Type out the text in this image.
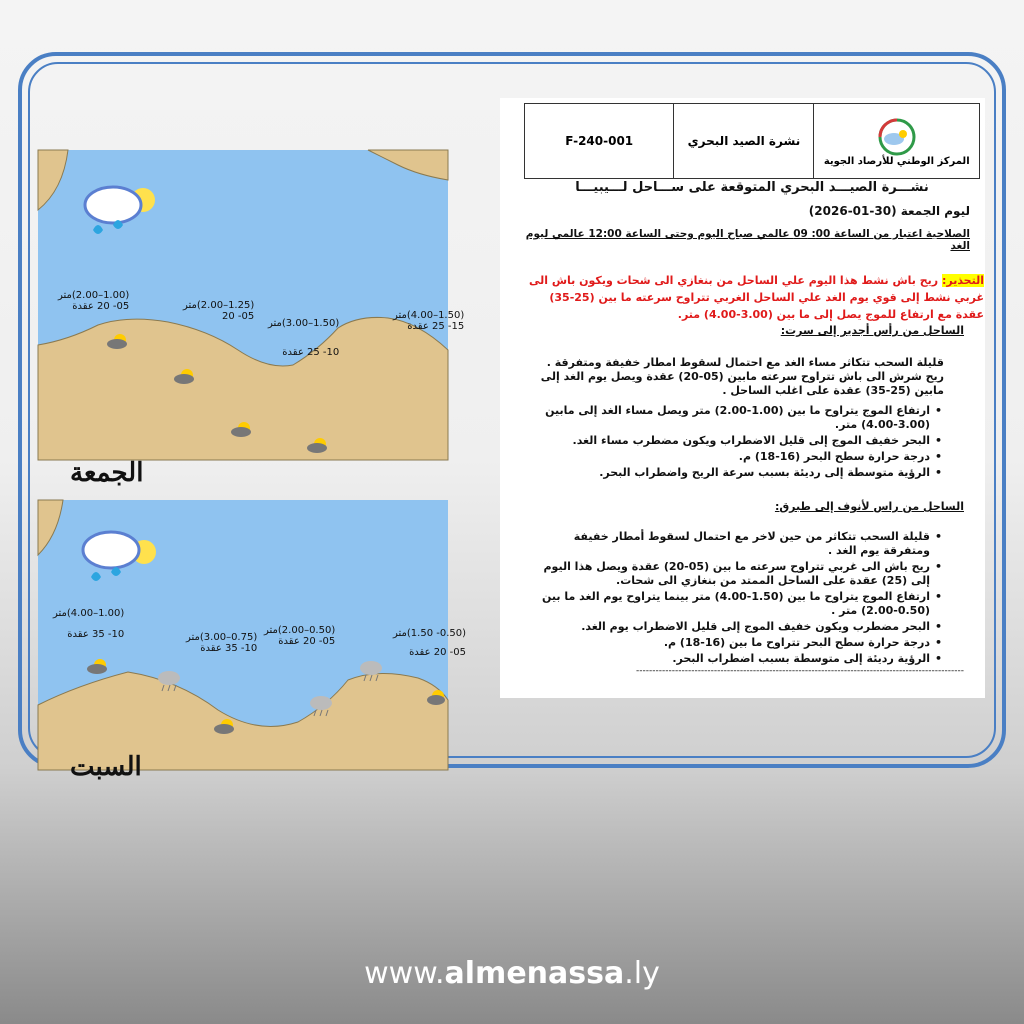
(1.00–2.00)متر
05- 20 عقدة	(1.25–2.00)متر
05- 20
(1.50–3.00)متر
10- 25 عقدة
(1.50–4.00)متر
15- 25 عقدة
الجمعة
(1.00–4.00)متر
10- 35 عقدة	(0.75–3.00)متر
10- 35 عقدة
(0.50–2.00)متر
05- 20 عقدة
(0.50- 1.50)متر
05- 20 عقدة
السبت
F-240-001	نشرة الصيد البحري

المركز الوطني للأرصاد الجوية
نشـــرة الصيـــد البحري المتوقعة على ســـاحل لـــيبيـــا
ليوم الجمعة (30-01-2026)
الصلاحية اعتبار من الساعة 00: 09 عالمي صباح اليوم وحتى الساعة 12:00 عالمي ليوم الغد
التحذير: ريح باش نشط هذا اليوم علي الساحل من بنغازي الى شحات ويكون باش الى غربي نشط إلى قوي يوم الغد علي الساحل الغربي تتراوح سرعته ما بين (25-35) عقدة مع ارتفاع للموج يصل إلى ما بين (3.00-4.00) متر.
الساحل من رأس أجدير إلى سرت:
قليلة السحب تتكاثر مساء الغد مع احتمال لسقوط امطار خفيفة ومتفرقة .
ريح شرش الى باش تتراوح سرعته مابين (05-20) عقدة ويصل يوم الغد إلى مابين (25-35) عقدة على اغلب الساحل .
• ارتفاع الموج يتراوح ما بين (1.00-2.00) متر ويصل مساء الغد إلى مابين (3.00-4.00) متر.
• البحر خفيف الموج إلى قليل الاضطراب ويكون مضطرب مساء الغد.
• درجة حرارة سطح البحر (16-18) م.
• الرؤية متوسطة إلى رديئة بسبب سرعة الريح واضطراب البحر.
الساحل من راس لأنوف إلى طبرق:
• قليلة السحب تتكاثر من حين لاخر مع احتمال لسقوط أمطار خفيفة ومتفرقة يوم الغد .
• ريح باش الى غربي تتراوح سرعته ما بين (05-20) عقدة ويصل هذا اليوم إلى (25) عقدة على الساحل الممتد من بنغازي الى شحات.
• ارتفاع الموج يتراوح ما بين (1.50-4.00) متر بينما يتراوح يوم الغد ما بين (0.50-2.00) متر .
• البحر مضطرب ويكون خفيف الموج إلى قليل الاضطراب يوم الغد.
• درجة حرارة سطح البحر تتراوح ما بين (16-18) م.
• الرؤية رديئة إلى متوسطة بسبب اضطراب البحر.
-----------------------------------------------------------------------------------------------------
www.almenassa.ly
